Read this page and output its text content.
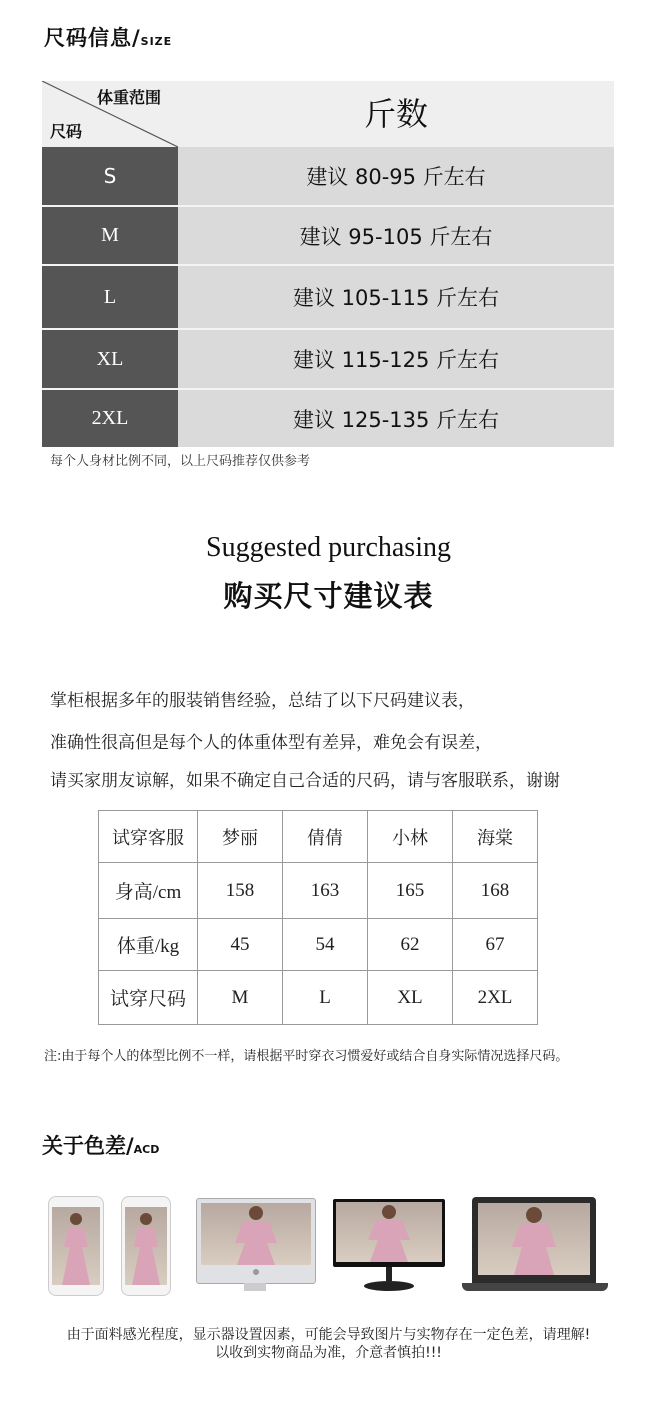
尺码信息/SIZE
体重范围
尺码	斤数
S	建议 80-95 斤左右
M	建议 95-105 斤左右
L	建议 105-115 斤左右
XL	建议 115-125 斤左右
2XL	建议 125-135 斤左右
每个人身材比例不同，以上尺码推荐仅供参考
Suggested purchasing
购买尺寸建议表
掌柜根据多年的服装销售经验，总结了以下尺码建议表，
准确性很高但是每个人的体重体型有差异，难免会有误差，
请买家朋友谅解，如果不确定自己合适的尺码，请与客服联系，谢谢
试穿客服	梦丽	倩倩	小林	海棠
身高/cm	158	163	165	168
体重/kg	45	54	62	67
试穿尺码	M	L	XL	2XL
注:由于每个人的体型比例不一样，请根据平时穿衣习惯爱好或结合自身实际情况选择尺码。
关于色差/ACD
由于面料感光程度，显示器设置因素，可能会导致图片与实物存在一定色差，请理解!
以收到实物商品为准，介意者慎拍!!!
